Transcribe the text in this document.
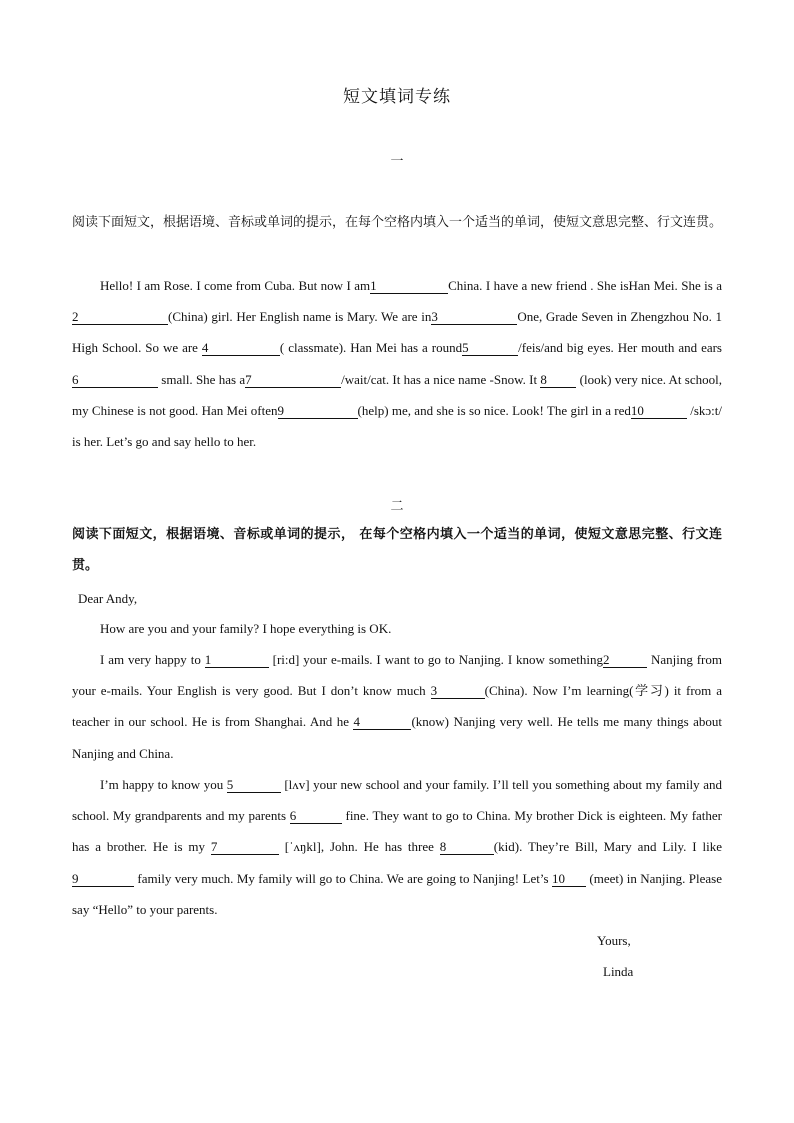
短文填词专练
一
阅读下面短文，根据语境、音标或单词的提示，在每个空格内填入一个适当的单词，使短文意思完整、行文连贯。
Hello! I am Rose. I come from Cuba. But now I am1	China. I have a new friend . She isHan Mei. She is a2	(China) girl. Her English name is Mary. We are in3	One, Grade Seven in Zhengzhou No. 1 High School. So we are 4	( classmate). Han Mei has a round5	/feis/and big eyes. Her mouth and ears 6	small. She has a7	/wait/cat. It has a nice name -Snow. It 8 (look) very nice. At school, my Chinese is not good. Han Mei often9	(help) me, and she is so nice. Look! The girl in a red10	/skɔ:t/ is her. Let’s go and say hello to her.
二
阅读下面短文，根据语境、音标或单词的提示， 在每个空格内填入一个适当的单词，使短文意思完整、行文连贯。
Dear Andy,
How are you and your family? I hope everything is OK.
I am very happy to 1	[ri:d] your e-mails. I want to go to Nanjing. I know something2	Nanjing from your e-mails. Your English is very good. But I don’t know much 3	(China). Now I’m learning(学习) it from a teacher in our school. He is from Shanghai. And he 4	(know) Nanjing very well. He tells me many things about Nanjing and China.
I’m happy to know you 5	[lʌv] your new school and your family. I’ll tell you something about my family and school. My grandparents and my parents 6	fine. They want to go to China. My brother Dick is eighteen. My father has a brother. He is my 7	[ˈʌŋkl], John. He has three 8	(kid). They’re Bill, Mary and Lily. I like9	family very much. My family will go to China. We are going to Nanjing! Let’s 10 (meet) in Nanjing. Please say “Hello” to your parents.
Yours,
Linda
